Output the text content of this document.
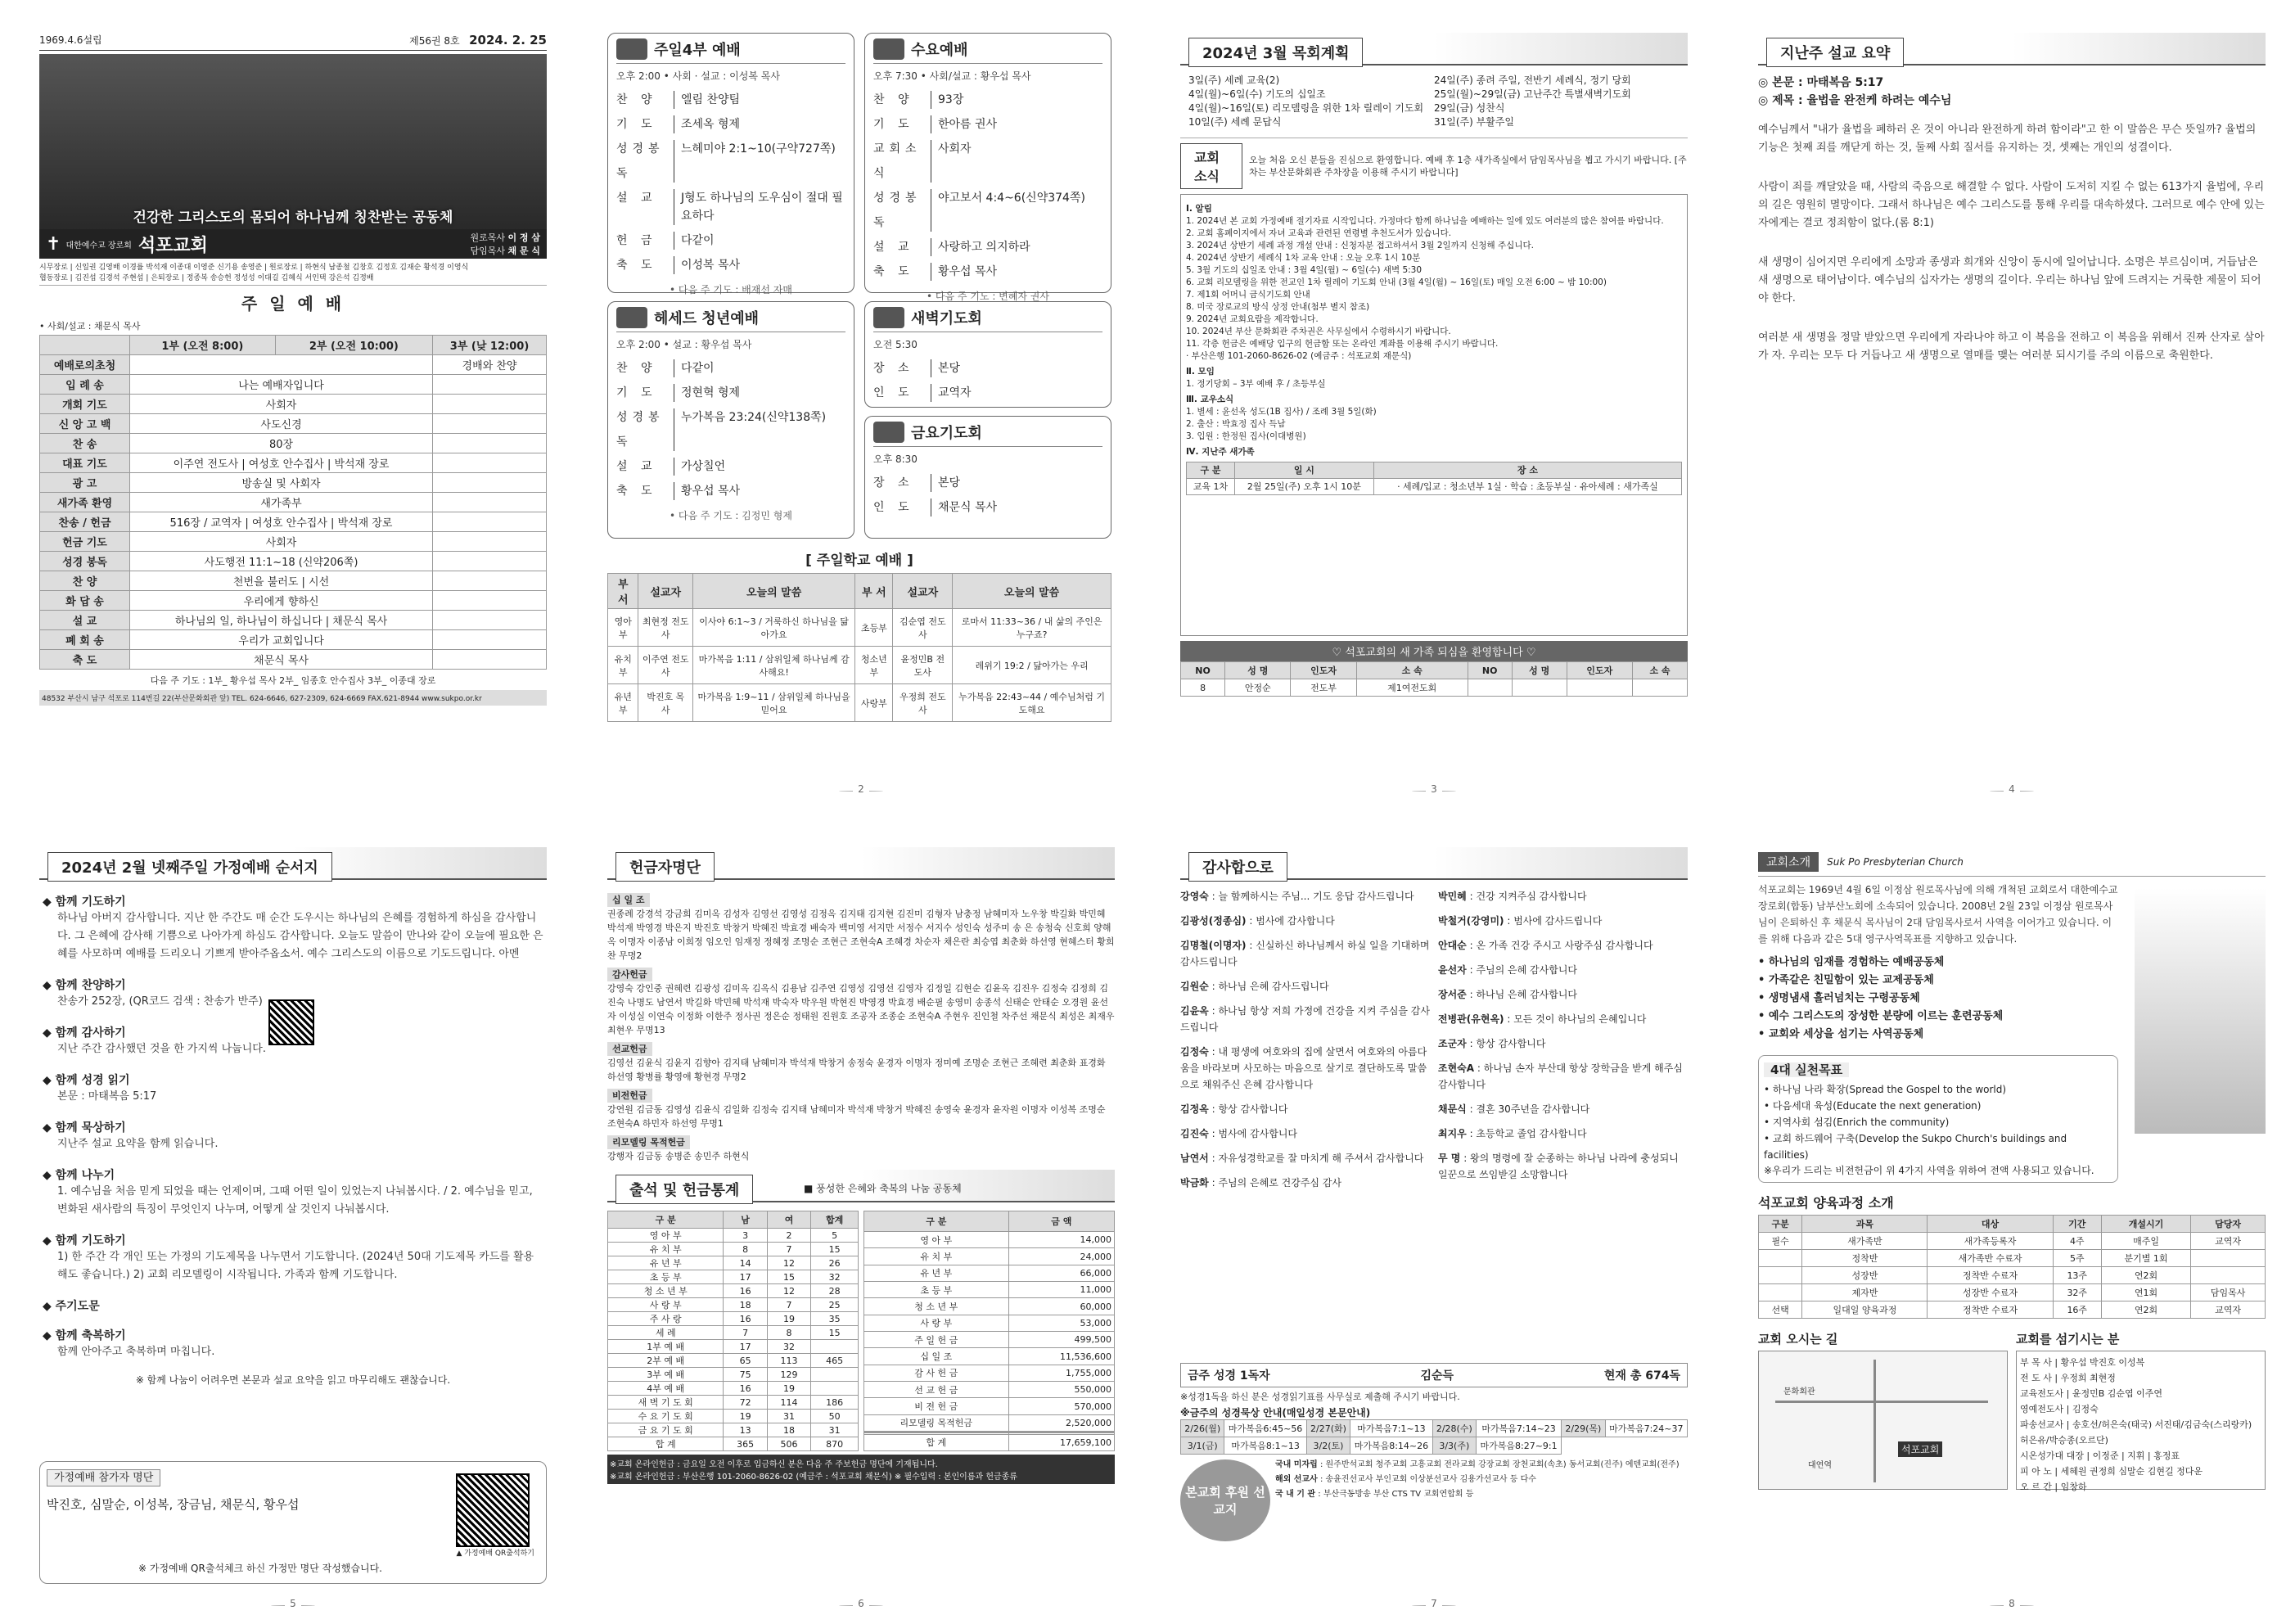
1969.4.6설립	제56권 8호 2024. 2. 25
건강한 그리스도의 몸되어 하나님께 칭찬받는 공동체
✝ 대한예수교 장로회 석포교회	원로목사 이 정 삼
담임목사 채 문 식
시무장로 | 신일권 김영배 이경률 박석재 이종대 이영준 신기용 송영준 | 원로장로 | 하현식 남종철 김창호 김정호 김재순 황석경 이영식
협동장로 | 김진섭 김경석 주현섭 | 은퇴장로 | 정종복 송승헌 정성성 이대길 김혜식 서인택 강은석 김정배
주 일 예 배
• 사회/설교 : 채문식 목사
	1부 (오전 8:00)	2부 (오전 10:00)	3부 (낮 12:00)
예배로의초청			경배와 찬양
입 례 송	나는 예배자입니다		
개회 기도	사회자		
신 앙 고 백	사도신경		
찬 송	80장		
대표 기도	이주연 전도사 | 여성호 안수집사 | 박석재 장로		
광 고	방송실 및 사회자		
새가족 환영	새가족부		
찬송 / 헌금	516장 / 교역자 | 여성호 안수집사 | 박석재 장로		
헌금 기도	사회자		
성경 봉독	사도행전 11:1~18 (신약206쪽)		
찬 양	천번을 불러도 | 시선		
화 답 송	우리에게 향하신		
설 교	하나님의 일, 하나님이 하십니다 | 채문식 목사		
폐 회 송	우리가 교회입니다		
축 도	채문식 목사		
다음 주 기도 : 1부_ 황우섭 목사 2부_ 임종호 안수집사 3부_ 이종대 장로
48532 부산시 남구 석포로 114번길 22(부산문화회관 앞) TEL. 624-6646, 627-2309, 624-6669 FAX.621-8944 www.sukpo.or.kr
주일4부 예배
오후 2:00 • 사회 · 설교 : 이성복 목사
찬 양	엘림 찬양팀
기 도	조세옥 형제
성경봉독
느헤미야 2:1~10(구약727쪽)
설 교	J형도 하나님의 도우심이 절대 필요하다
헌 금	다같이
축 도	이성복 목사
• 다음 주 기도 : 배재선 자매
수요예배
오후 7:30 • 사회/설교 : 황우섭 목사
찬 양	93장
기 도	한아름 권사
교회소식
사회자
성경봉독
야고보서 4:4~6(신약374쪽)
설 교	사랑하고 의지하라
축 도	황우섭 목사
• 다음 주 기도 : 변혜자 권사
헤세드 청년예배
오후 2:00 • 설교 : 황우섭 목사
찬 양	다같이
기 도	정현혁 형제
성경봉독
누가복음 23:24(신약138쪽)
설 교	가상칠언
축 도	황우섭 목사
• 다음 주 기도 : 김정민 형제
새벽기도회
오전 5:30
장 소	본당
인 도	교역자
금요기도회
오후 8:30
장 소	본당
인 도	채문식 목사
[ 주일학교 예배 ]
부 서	설교자	오늘의 말씀	부 서	설교자	오늘의 말씀
영아부	최현정 전도사	이사야 6:1~3 / 거룩하신 하나님을 닮아가요	초등부	김순엽 전도사	로마서 11:33~36 / 내 삶의 주인은 누구죠?
유치부	이주연 전도사	마가복음 1:11 / 삼위일체 하나님께 감사해요!	청소년부	윤정민B 전도사	레위기 19:2 / 닮아가는 우리
유년부	박진호 목 사	마가복음 1:9~11 / 삼위일체 하나님을 믿어요	사랑부	우정희 전도사	누가복음 22:43~44 / 예수님처럼 기도해요
2
2024년 3월 목회계획
3일(주) 세례 교육(2)	24일(주) 종려 주일, 전반기 세례식, 정기 당회
4일(월)~6일(수) 기도의 십일조	25일(월)~29일(금) 고난주간 특별새벽기도회
4일(월)~16일(토) 리모델링을 위한 1차 릴레이 기도회	29일(금) 성찬식
10일(주) 세례 문답식	31일(주) 부활주일
교회소식
오늘 처음 오신 분들을 진심으로 환영합니다. 예배 후 1층 새가족실에서 담임목사님을 뵙고 가시기 바랍니다. [주차는 부산문화회관 주차장을 이용해 주시기 바랍니다]
Ⅰ. 알림
1. 2024년 본 교회 가정예배 절기자료 시작입니다. 가정마다 함께 하나님을 예배하는 일에 있도 여러분의 많은 참여를 바랍니다.
2. 교회 홈페이지에서 자녀 교육과 관련된 연령별 추천도서가 있습니다.
3. 2024년 상반기 세례 과정 개설 안내 : 신청자분 접고하셔서 3월 2일까지 신청해 주십니다.
4. 2024년 상반기 세례식 1차 교육 안내 : 오늘 오후 1시 10분
5. 3월 기도의 십일조 안내 : 3월 4일(월) ~ 6일(수) 새벽 5:30
6. 교회 리모델링을 위한 전교인 1차 릴레이 기도회 안내 (3월 4일(월) ~ 16일(토) 매일 오전 6:00 ~ 밤 10:00)
7. 제1회 어머니 금식기도회 안내
8. 미국 장로교의 방식 상정 안내(첨부 별지 참조)
9. 2024년 교회요람을 제작합니다.
10. 2024년 부산 문화회관 주차권은 사무실에서 수령하시기 바랍니다.
11. 각층 헌금은 예배당 입구의 헌금함 또는 온라인 계좌를 이용해 주시기 바랍니다.
· 부산은행 101-2060-8626-02 (예금주 : 석포교회 재문식)
Ⅱ. 모임
1. 정기당회 – 3부 예배 후 / 초등부실
Ⅲ. 교우소식
1. 별세 : 윤선옥 성도(1B 집사) / 조례 3월 5일(화)
2. 출산 : 박효정 집사 득남
3. 입원 : 한정원 집사(이대병원)
Ⅳ. 지난주 새가족
구 분	일 시	장 소
교육 1차	2월 25일(주) 오후 1시 10분	· 세례/입교 : 청소년부 1실 · 학습 : 초등부실 · 유아세례 : 새가족실
♡ 석포교회의 새 가족 되심을 환영합니다 ♡
NO	성 명	인도자	소 속	NO	성 명	인도자	소 속
8	안정순	전도부	제1여전도회				
3
지난주 설교 요약
◎ 본문 : 마태복음 5:17
◎ 제목 : 율법을 완전케 하려는 예수님

예수님께서 "내가 율법을 폐하러 온 것이 아니라 완전하게 하려 함이라"고 한 이 말씀은 무슨 뜻일까? 율법의 기능은 첫째 죄를 깨닫게 하는 것, 둘째 사회 질서를 유지하는 것, 셋째는 개인의 성결이다.

사람이 죄를 깨달았을 때, 사람의 죽음으로 해결할 수 없다. 사람이 도저히 지킬 수 없는 613가지 율법에, 우리의 길은 영원히 멸망이다. 그래서 하나님은 예수 그리스도를 통해 우리를 대속하셨다. 그러므로 예수 안에 있는 자에게는 결코 정죄함이 없다.(롬 8:1)

새 생명이 심어지면 우리에게 소망과 종생과 희개와 신앙이 동시에 일어납니다. 소명은 부르심이며, 거듭남은 새 생명으로 태어남이다. 예수님의 십자가는 생명의 길이다. 우리는 하나님 앞에 드려지는 거룩한 제물이 되어야 한다.

여러분 새 생명을 정말 받았으면 우리에게 자라나야 하고 이 복음을 전하고 이 복음을 위해서 진짜 산자로 살아가 자. 우리는 모두 다 거듭나고 새 생명으로 열매를 맺는 여러분 되시기를 주의 이름으로 축원한다.

4
2024년 2월 넷째주일 가정예배 순서지
◆ 함께 기도하기
하나님 아버지 감사합니다. 지난 한 주간도 매 순간 도우시는 하나님의 은혜를 경험하게 하심을 감사합니다. 그 은혜에 감사해 기쁨으로 나아가게 하심도 감사합니다. 오늘도 말씀이 만나와 같이 오늘에 필요한 은혜를 사모하며 예배를 드리오니 기쁘게 받아주옵소서. 예수 그리스도의 이름으로 기도드립니다. 아멘
◆ 함께 찬양하기
찬송가 252장, (QR코드 검색 : 찬송가 반주)
◆ 함께 감사하기
지난 주간 감사했던 것을 한 가지씩 나눕니다.
◆ 함께 성경 읽기
본문 : 마태복음 5:17
◆ 함께 묵상하기
지난주 설교 요약을 함께 읽습니다.
◆ 함께 나누기
1. 예수님을 처음 믿게 되었을 때는 언제이며, 그때 어떤 일이 있었는지 나눠봅시다. / 2. 예수님을 믿고, 변화된 새사람의 특징이 무엇인지 나누며, 어떻게 살 것인지 나눠봅시다.
◆ 함께 기도하기
1) 한 주간 각 개인 또는 가정의 기도제목을 나누면서 기도합니다. (2024년 50대 기도제목 카드를 활용해도 좋습니다.) 2) 교회 리모델링이 시작됩니다. 가족과 함께 기도합니다.
◆ 주기도문
◆ 함께 축복하기
함께 안아주고 축복하며 마칩니다.
※ 함께 나눔이 어려우면 본문과 설교 요약을 읽고 마무리해도 괜찮습니다.
가정예배 참가자 명단
박진호, 심말순, 이성복, 장금님, 채문식, 황우섭
※ 가정예배 QR출석체크 하신 가정만 명단 작성했습니다.
▲ 가정예배 QR출석하기
5
헌금자명단
십 일 조
권종례 강경석 강금희 김미옥 김성자 김영선 김영성 김정옥 김지태 김지현 김진미 김형자 남충정 남혜미자 노우창 박길화 박민혜 박석재 박영경 박은지 박진호 박창거 박혜진 박효경 배숙자 백미영 서지만 서정수 서지수 성인숙 성주미 송 은 송청숙 신호희 양해옥 이명자 이종남 이희정 임오인 임재정 정혜정 조명순 조현근 조현숙A 조혜경 차순자 채은란 최승엽 최춘화 하선영 현혜스터 황희찬 무명2
감사헌금
강영숙 강인중 권혜련 김광성 김미옥 김옥식 김용남 김주연 김영성 김영선 김영자 김정일 김현순 김윤옥 김진우 김정숙 김정희 김진숙 나명도 남연서 박길화 박민혜 박석재 박숙자 박우원 박현진 박영경 박효경 배순필 송영미 송종석 신태순 안태순 오경원 윤선자 이성실 이연숙 이정화 이한주 정사권 정은순 정태원 진원호 조공자 조종순 조현숙A 주현우 진인철 차주선 채문식 최성은 최재우 최현우 무명13
선교헌금
김영선 김윤식 김윤지 김향아 김지태 남혜미자 박석재 박창거 송정숙 윤경자 이명자 정미예 조명순 조현근 조혜련 최춘화 표경화 하선영 황병률 황영애 황현경 무명2
비전헌금
강연원 김금동 김영성 김윤식 김일화 김정숙 김지태 남혜미자 박석재 박창거 박혜진 송영숙 윤경자 윤자원 이명자 이성복 조명순 조현숙A 하민자 하선영 무명1
리모델링 목적헌금
강행자 김금동 송병준 송민주 하현식
출석 및 헌금통계	■ 풍성한 은혜와 축복의 나눔 공동체
구 분	남	여	합계
영 아 부	3	2	5
유 치 부	8	7	15
유 년 부	14	12	26
초 등 부	17	15	32
청 소 년 부	16	12	28
사 랑 부	18	7	25
주 사 랑	16	19	35
세 례	7	8	15
1부 예 배	17	32	
2부 예 배	65	113	465
3부 예 배	75	129	
4부 예 배	16	19	
새 벽 기 도 회	72	114	186
수 요 기 도 회	19	31	50
금 요 기 도 회	13	18	31
합 계	365	506	870
구 분	금 액
영 아 부	14,000
유 치 부	24,000
유 년 부	66,000
초 등 부	11,000
청 소 년 부	60,000
사 랑 부	53,000
주 일 헌 금	499,500
십 일 조	11,536,600
감 사 헌 금	1,755,000
선 교 헌 금	550,000
비 전 헌 금	570,000
리모델링 목적헌금	2,520,000

합 계	17,659,100
※교회 온라인헌금 : 금요일 오전 이후로 입금하신 분은 다음 주 주보헌금 명단에 기재됩니다.
※교회 온라인헌금 : 부산은행 101-2060-8626-02 (예금주 : 석포교회 채문식) ※ 필수입력 : 본인이름과 헌금종류
6
감사합으로
강영숙 : 늘 함께하시는 주님... 기도 응답 감사드립니다
김광성(정종심) : 범사에 감사합니다
김명철(이명자) : 신실하신 하나님께서 하실 일을 기대하며 감사드립니다
김원순 : 하나님 은혜 감사드립니다
김윤옥 : 하나님 항상 저희 가정에 건강을 지켜 주심을 감사드립니다
김정숙 : 내 평생에 여호와의 집에 살면서 여호와의 아름다움을 바라보며 사모하는 마음으로 살기로 결단하도록 말씀으로 채워주신 은혜 감사합니다
김정옥 : 항상 감사합니다
김진숙 : 범사에 감사합니다
남연서 : 자유성경학교를 잘 마치게 해 주셔서 감사합니다
박금화 : 주님의 은혜로 건강주심 감사
박민혜 : 건강 지켜주심 감사합니다
박철거(강영미) : 범사에 감사드립니다
안대순 : 온 가족 건강 주시고 사랑주심 감사합니다
윤선자 : 주님의 은혜 감사합니다
장서준 : 하나님 은혜 감사합니다
전병관(유현옥) : 모든 것이 하나님의 은혜입니다
조군자 : 항상 감사합니다
조현숙A : 하나님 손자 부산대 항상 장학금을 받게 해주심 감사합니다
채문식 : 결혼 30주년을 감사합니다
최지우 : 초등학교 졸업 감사합니다
무 명 : 왕의 명령에 잘 순종하는 하나님 나라에 충성되니 일꾼으로 쓰임받길 소망합니다
금주 성경 1독자	김순득	현재 총 674독
※성경1독을 하신 분은 성경읽기표를 사무실로 제출해 주시기 바랍니다.
※금주의 성경묵상 안내(매일성경 본문안내)
2/26(월)	마가복음6:45~56	2/27(화)	마가복음7:1~13	2/28(수)	마가복음7:14~23	2/29(목)	마가복음7:24~37
3/1(금)	마가복음8:1~13	3/2(토)	마가복음8:14~26	3/3(주)	마가복음8:27~9:1		
본교회 후원 선교지
국내 미자립 : 원주반석교회 청주교회 고흥교회 전라교회 강장교회 장천교회(속초) 동서교회(진주) 에덴교회(전주)
해외 선교사 : 송윤진선교사 부인교회 이상분선교사 김용가선교사 등 다수
국 내 기 관 : 부산극동방송 부산 CTS TV 교회연합회 등
7
교회소개	Suk Po Presbyterian Church
석포교회는 1969년 4월 6일 이정삼 원로목사님에 의해 개척된 교회로서 대한예수교 장로회(합동) 남부산노회에 소속되어 있습니다. 2008년 2월 23일 이정삼 원로목사님이 은퇴하신 후 채문식 목사님이 2대 담임목사로서 사역을 이어가고 있습니다. 이를 위해 다음과 같은 5대 영구사역목표를 지향하고 있습니다.
• 하나님의 임재를 경험하는 예배공동체
• 가족같은 친밀함이 있는 교제공동체
• 생명냄새 흘러넘치는 구령공동체
• 예수 그리스도의 장성한 분량에 이르는 훈련공동체
• 교회와 세상을 섬기는 사역공동체
4대 실천목표
• 하나님 나라 확장(Spread the Gospel to the world)
• 다음세대 육성(Educate the next generation)
• 지역사회 섬김(Enrich the community)
• 교회 하드웨어 구축(Develop the Sukpo Church's buildings and facilities)
※우리가 드리는 비전헌금이 위 4가지 사역을 위하여 전액 사용되고 있습니다.
석포교회 양육과정 소개
구분	과목	대상	기간	개설시기	담당자
필수	새가족반	새가족등록자	4주	매주일	교역자
	정착반	새가족반 수료자	5주	분기별 1회	
	성장반	정착반 수료자	13주	연2회	
	제자반	성장반 수료자	32주	연1회	담임목사
선택	일대일 양육과정	정착반 수료자	16주	연2회	교역자
교회 오시는 길
문화회관
석포교회
대연역
교회를 섬기시는 분
부 목 사 | 황우섭 박진호 이성복
전 도 사 | 우정희 최현정
교육전도사 | 윤정민B 김순엽 이주연
영예전도사 | 김정숙
파송선교사 | 송호선/허은숙(태국) 서진태/김금숙(스리랑카) 허은유/박승종(오르단)
시온성가대 대장 | 이정준 | 지휘 | 홍정표
피 아 노 | 세혜원 권정희 심말순 김현길 정다운
오 르 간 | 임창하
8
